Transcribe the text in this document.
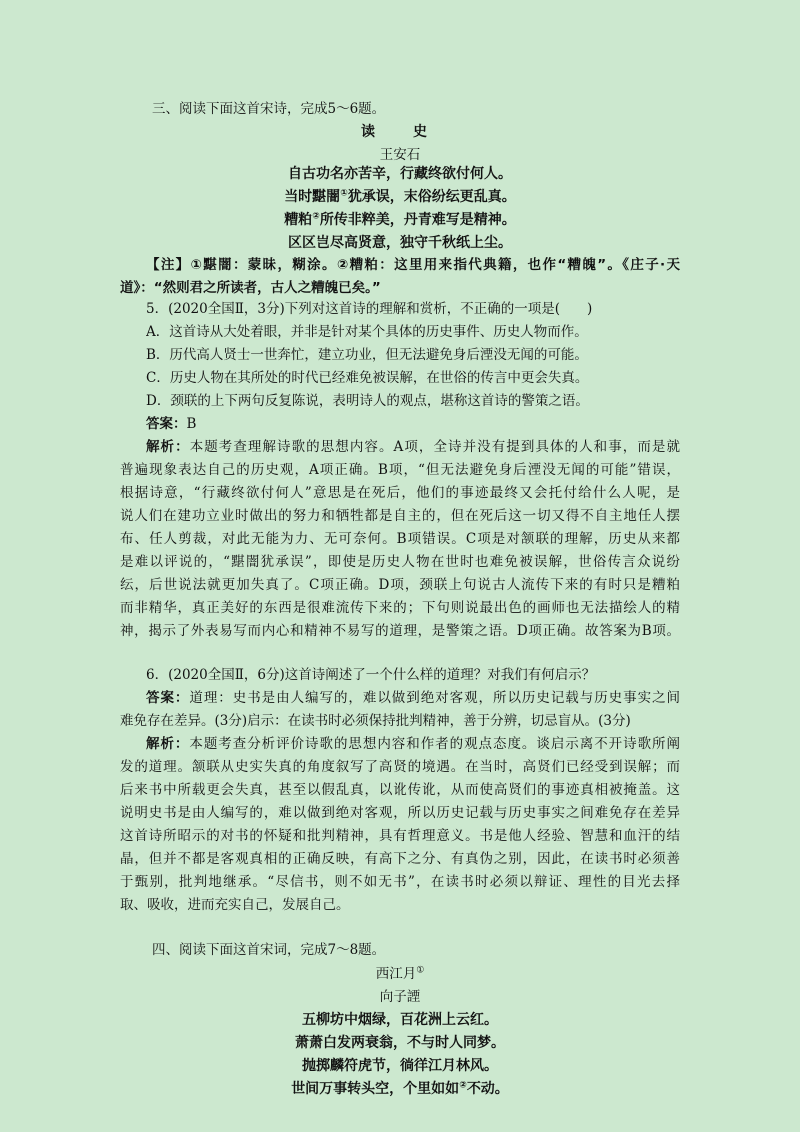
三、阅读下面这首宋诗，完成5～6题。
读　史
王安石
自古功名亦苦辛，行藏终欲付何人。
当时黮闇①犹承误，末俗纷纭更乱真。
糟粕②所传非粹美，丹青难写是精神。
区区岂尽高贤意，独守千秋纸上尘。
【注】①黮闇：蒙昧，糊涂。②糟粕：这里用来指代典籍，也作“糟魄”。《庄子·天
道》：“然则君之所读者，古人之糟魄已矣。”
5．(2020全国Ⅱ，3分)下列对这首诗的理解和赏析，不正确的一项是(　　)
A．这首诗从大处着眼，并非是针对某个具体的历史事件、历史人物而作。
B．历代高人贤士一世奔忙，建立功业，但无法避免身后湮没无闻的可能。
C．历史人物在其所处的时代已经难免被误解，在世俗的传言中更会失真。
D．颈联的上下两句反复陈说，表明诗人的观点，堪称这首诗的警策之语。
答案：B
解析：本题考查理解诗歌的思想内容。A项，全诗并没有提到具体的人和事，而是就
普遍现象表达自己的历史观，A项正确。B项，“但无法避免身后湮没无闻的可能”错误，
根据诗意，“行藏终欲付何人”意思是在死后，他们的事迹最终又会托付给什么人呢，是
说人们在建功立业时做出的努力和牺牲都是自主的，但在死后这一切又得不自主地任人摆
布、任人剪裁，对此无能为力、无可奈何。B项错误。C项是对颔联的理解，历史从来都
是难以评说的，“黮闇犹承误”，即使是历史人物在世时也难免被误解，世俗传言众说纷
纭，后世说法就更加失真了。C项正确。D项，颈联上句说古人流传下来的有时只是糟粕
而非精华，真正美好的东西是很难流传下来的；下句则说最出色的画师也无法描绘人的精
神，揭示了外表易写而内心和精神不易写的道理，是警策之语。D项正确。故答案为B项。
6．(2020全国Ⅱ，6分)这首诗阐述了一个什么样的道理？对我们有何启示？
答案：道理：史书是由人编写的，难以做到绝对客观，所以历史记载与历史事实之间
难免存在差异。(3分)启示：在读书时必须保持批判精神，善于分辨，切忌盲从。(3分)
解析：本题考查分析评价诗歌的思想内容和作者的观点态度。谈启示离不开诗歌所阐
发的道理。颔联从史实失真的角度叙写了高贤的境遇。在当时，高贤们已经受到误解；而
后来书中所载更会失真，甚至以假乱真，以讹传讹，从而使高贤们的事迹真相被掩盖。这
说明史书是由人编写的，难以做到绝对客观，所以历史记载与历史事实之间难免存在差异
这首诗所昭示的对书的怀疑和批判精神，具有哲理意义。书是他人经验、智慧和血汗的结
晶，但并不都是客观真相的正确反映，有高下之分、有真伪之别，因此，在读书时必须善
于甄别，批判地继承。“尽信书，则不如无书”，在读书时必须以辩证、理性的目光去择
取、吸收，进而充实自己，发展自己。
四、阅读下面这首宋词，完成7～8题。
西江月①
向子諲
五柳坊中烟绿，百花洲上云红。
萧萧白发两衰翁，不与时人同梦。
抛掷麟符虎节，徜徉江月林风。
世间万事转头空，个里如如②不动。
